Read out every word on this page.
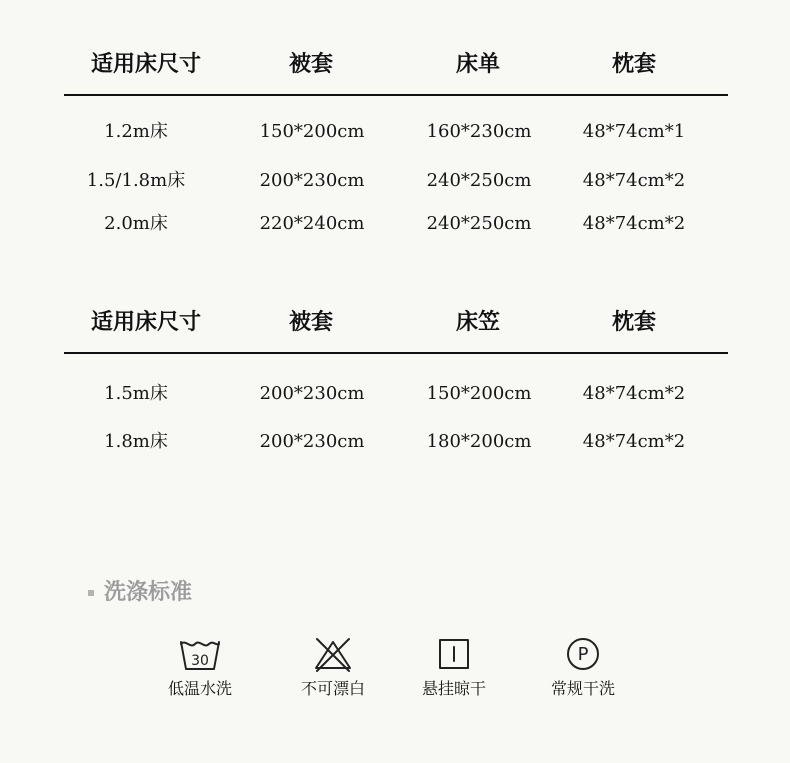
适用床尺寸	被套	床单	枕套
1.2m床	150*200cm	160*230cm	48*74cm*1
1.5/1.8m床	200*230cm	240*250cm	48*74cm*2
2.0m床	220*240cm	240*250cm	48*74cm*2
适用床尺寸	被套	床笠	枕套
1.5m床	200*230cm	150*200cm	48*74cm*2
1.8m床	200*230cm	180*200cm	48*74cm*2
洗涤标准
30
低温水洗	不可漂白	悬挂晾干
P
常规干洗
